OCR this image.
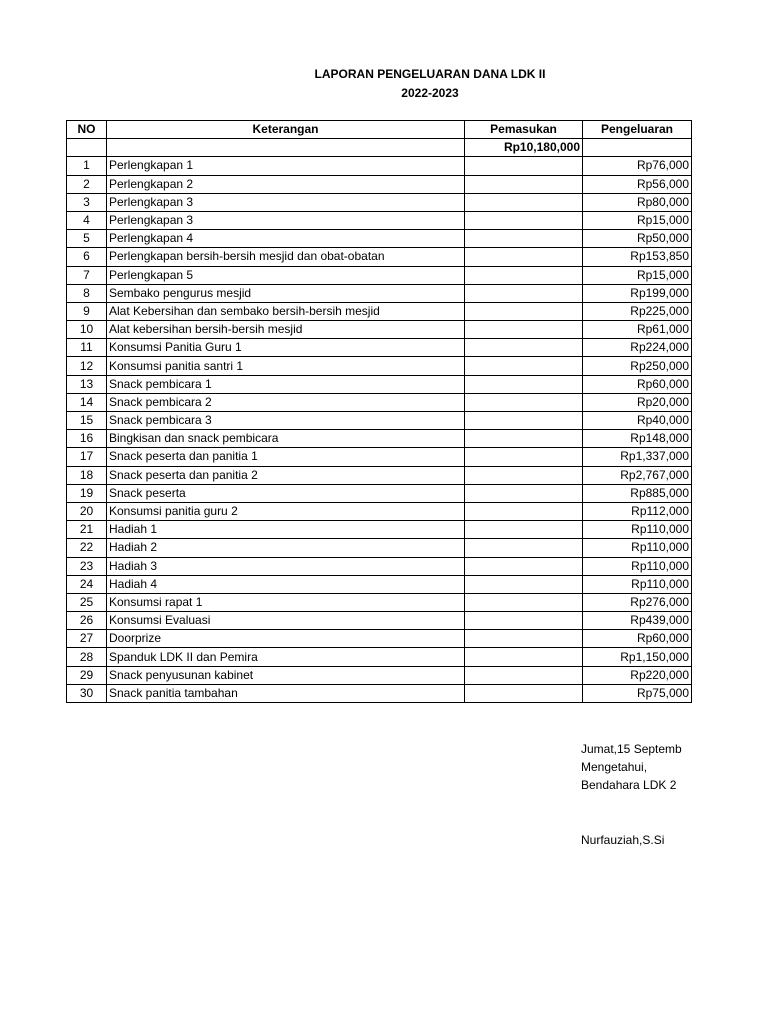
LAPORAN PENGELUARAN DANA LDK II
2022-2023
NO	Keterangan	Pemasukan	Pengeluaran
		Rp10,180,000	
1	Perlengkapan 1		Rp76,000
2	Perlengkapan 2		Rp56,000
3	Perlengkapan 3		Rp80,000
4	Perlengkapan 3		Rp15,000
5	Perlengkapan 4		Rp50,000
6	Perlengkapan bersih-bersih mesjid dan obat-obatan		Rp153,850
7	Perlengkapan 5		Rp15,000
8	Sembako pengurus mesjid		Rp199,000
9	Alat Kebersihan dan sembako bersih-bersih mesjid		Rp225,000
10	Alat kebersihan bersih-bersih mesjid		Rp61,000
11	Konsumsi Panitia Guru 1		Rp224,000
12	Konsumsi panitia santri 1		Rp250,000
13	Snack pembicara 1		Rp60,000
14	Snack pembicara 2		Rp20,000
15	Snack pembicara 3		Rp40,000
16	Bingkisan dan snack pembicara		Rp148,000
17	Snack peserta dan panitia 1		Rp1,337,000
18	Snack peserta dan panitia 2		Rp2,767,000
19	Snack peserta		Rp885,000
20	Konsumsi panitia guru 2		Rp112,000
21	Hadiah 1		Rp110,000
22	Hadiah 2		Rp110,000
23	Hadiah 3		Rp110,000
24	Hadiah 4		Rp110,000
25	Konsumsi rapat 1		Rp276,000
26	Konsumsi Evaluasi		Rp439,000
27	Doorprize		Rp60,000
28	Spanduk LDK II dan Pemira		Rp1,150,000
29	Snack penyusunan kabinet		Rp220,000
30	Snack panitia tambahan		Rp75,000
Jumat,15 Septemb
Mengetahui,
Bendahara LDK 2
Nurfauziah,S.Si
